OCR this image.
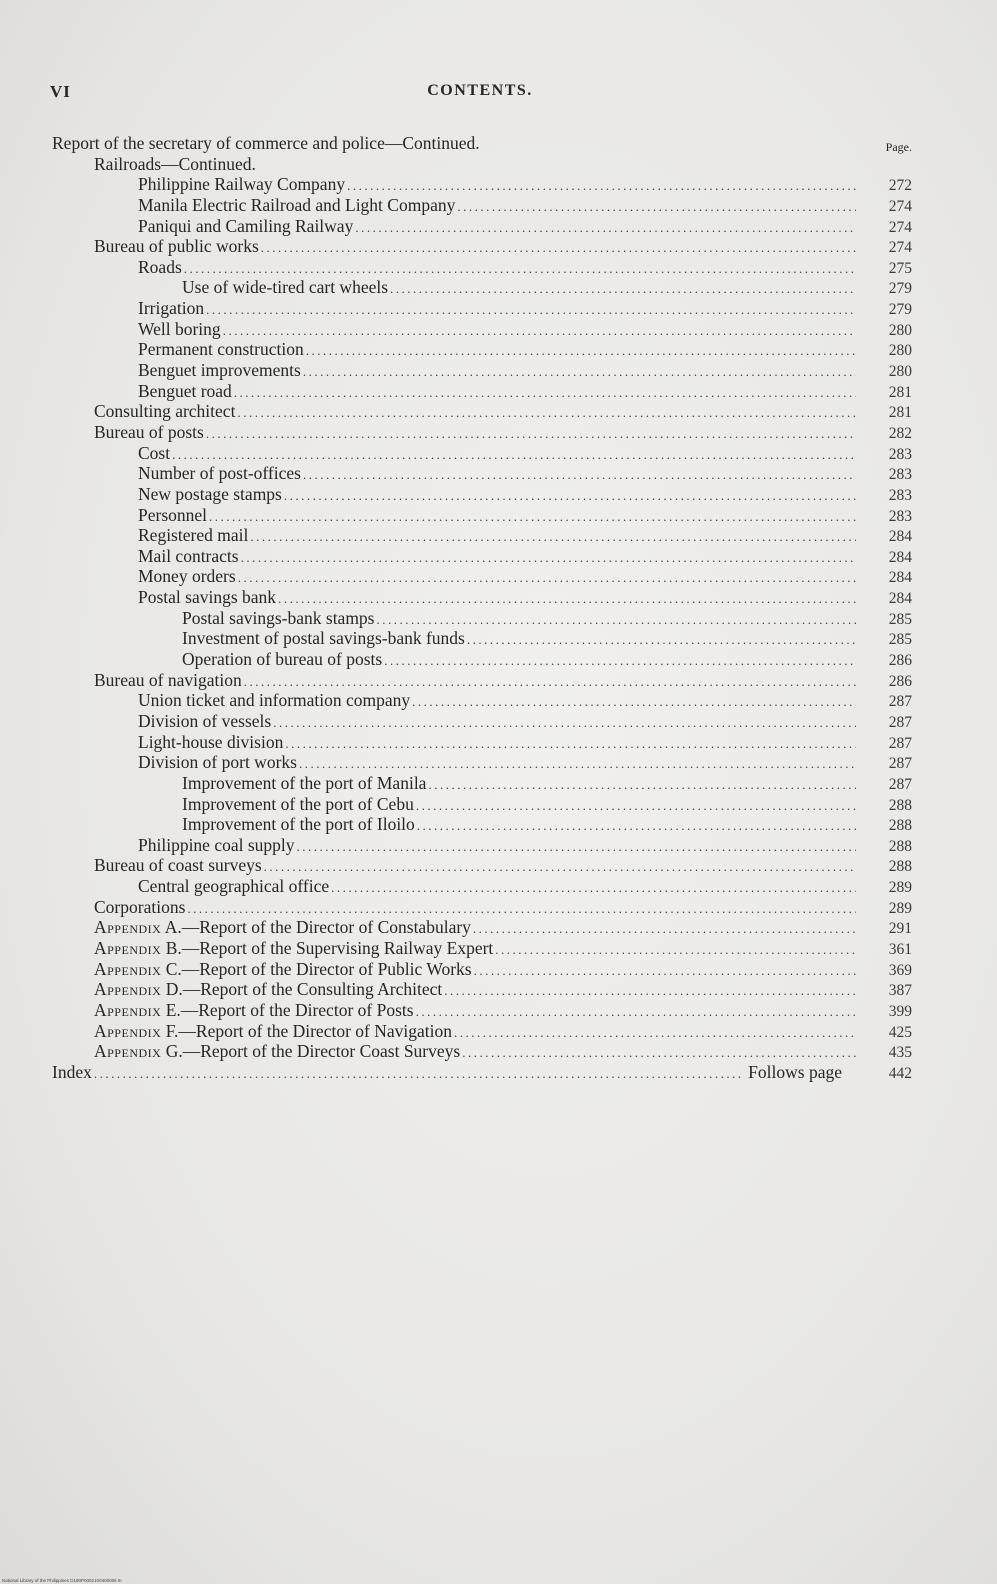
VI	CONTENTS.
Page.
Report of the secretary of commerce and police—Continued.
Railroads—Continued.
Philippine Railway Company .....	272
Manila Electric Railroad and Light Company .....	274
Paniqui and Camiling Railway .....	274
Bureau of public works .....	274
Roads .....	275
Use of wide-tired cart wheels .....	279
Irrigation .....	279
Well boring .....	280
Permanent construction .....	280
Benguet improvements .....	280
Benguet road .....	281
Consulting architect .....	281
Bureau of posts .....	282
Cost .....	283
Number of post-offices .....	283
New postage stamps .....	283
Personnel .....	283
Registered mail .....	284
Mail contracts .....	284
Money orders .....	284
Postal savings bank .....	284
Postal savings-bank stamps .....	285
Investment of postal savings-bank funds .....	285
Operation of bureau of posts .....	286
Bureau of navigation .....	286
Union ticket and information company .....	287
Division of vessels .....	287
Light-house division .....	287
Division of port works .....	287
Improvement of the port of Manila .....	287
Improvement of the port of Cebu .....	288
Improvement of the port of Iloilo .....	288
Philippine coal supply .....	288
Bureau of coast surveys .....	288
Central geographical office .....	289
Corporations .....	289
Appendix A.—Report of the Director of Constabulary .....	291
Appendix B.—Report of the Supervising Railway Expert .....	361
Appendix C.—Report of the Director of Public Works .....	369
Appendix D.—Report of the Consulting Architect .....	387
Appendix E.—Report of the Director of Posts .....	399
Appendix F.—Report of the Director of Navigation .....	425
Appendix G.—Report of the Director Coast Surveys .....	435
Index .....	Follows page	442
National Library of the Philippines D180P0002100400006 III
